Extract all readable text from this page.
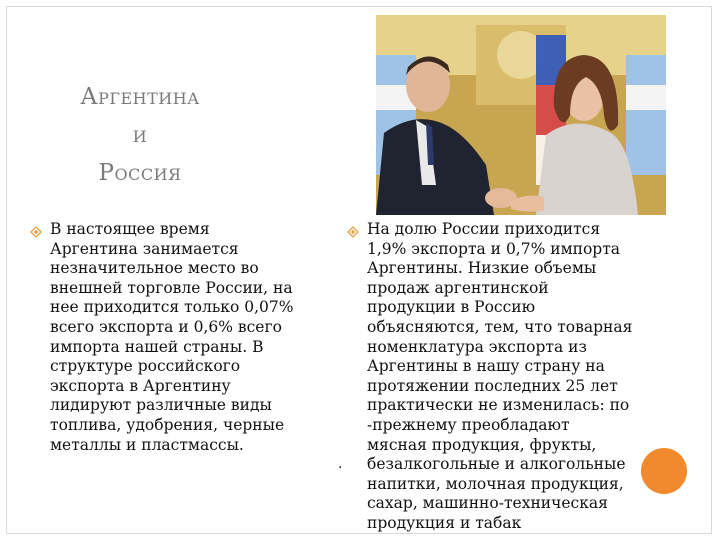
Аргентина
и
Россия
В настоящее время
Аргентина занимается
незначительное место во
внешней торговле России, на
нее приходится только 0,07%
всего экспорта и 0,6% всего
импорта нашей страны. В
структуре российского
экспорта в Аргентину
лидируют различные виды
топлива, удобрения, черные
металлы и пластмассы.
На долю России приходится
1,9% экспорта и 0,7% импорта
Аргентины. Низкие объемы
продаж аргентинской
продукции в Россию
объясняются, тем, что товарная
номенклатура экспорта из
Аргентины в нашу страну на
протяжении последних 25 лет
практически не изменилась: по
-прежнему преобладают
мясная продукция, фрукты,
безалкогольные и алкогольные
напитки, молочная продукция,
сахар, машинно-техническая
продукция и табак
.
